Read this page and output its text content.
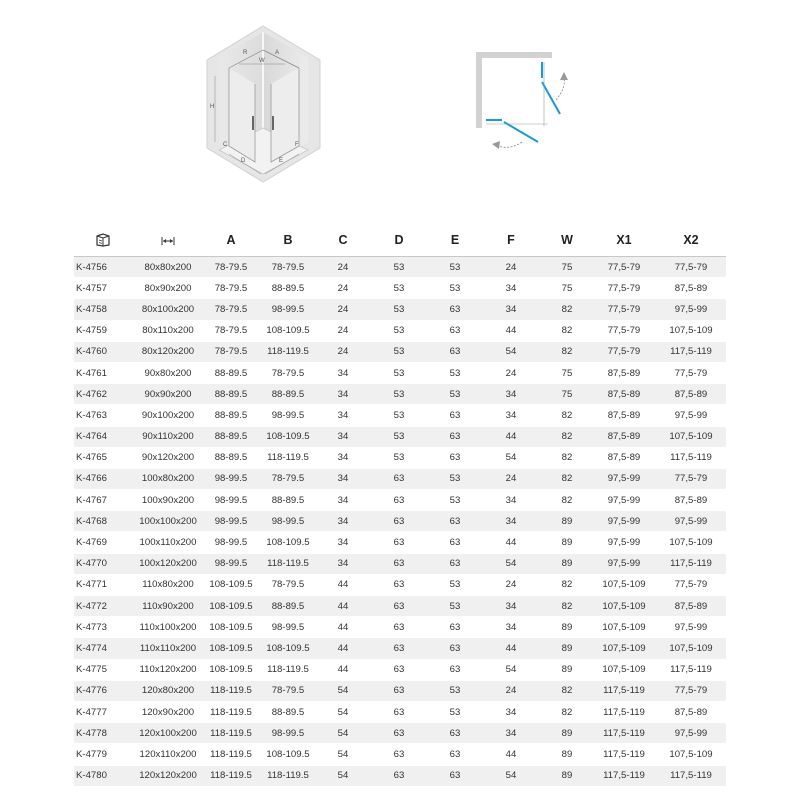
R	A
W
H
C
D	E
F
		A	B	C	D	E	F	W	X1	X2
K-4756	80x80x200	78-79.5	78-79.5	24	53	53	24	75	77,5-79	77,5-79
K-4757	80x90x200	78-79.5	88-89.5	24	53	53	34	75	77,5-79	87,5-89
K-4758	80x100x200	78-79.5	98-99.5	24	53	63	34	82	77,5-79	97,5-99
K-4759	80x110x200	78-79.5	108-109.5	24	53	63	44	82	77,5-79	107,5-109
K-4760	80x120x200	78-79.5	118-119.5	24	53	63	54	82	77,5-79	117,5-119
K-4761	90x80x200	88-89.5	78-79.5	34	53	53	24	75	87,5-89	77,5-79
K-4762	90x90x200	88-89.5	88-89.5	34	53	53	34	75	87,5-89	87,5-89
K-4763	90x100x200	88-89.5	98-99.5	34	53	63	34	82	87,5-89	97,5-99
K-4764	90x110x200	88-89.5	108-109.5	34	53	63	44	82	87,5-89	107,5-109
K-4765	90x120x200	88-89.5	118-119.5	34	53	63	54	82	87,5-89	117,5-119
K-4766	100x80x200	98-99.5	78-79.5	34	63	53	24	82	97,5-99	77,5-79
K-4767	100x90x200	98-99.5	88-89.5	34	63	53	34	82	97,5-99	87,5-89
K-4768	100x100x200	98-99.5	98-99.5	34	63	63	34	89	97,5-99	97,5-99
K-4769	100x110x200	98-99.5	108-109.5	34	63	63	44	89	97,5-99	107,5-109
K-4770	100x120x200	98-99.5	118-119.5	34	63	63	54	89	97,5-99	117,5-119
K-4771	110x80x200	108-109.5	78-79.5	44	63	53	24	82	107,5-109	77,5-79
K-4772	110x90x200	108-109.5	88-89.5	44	63	53	34	82	107,5-109	87,5-89
K-4773	110x100x200	108-109.5	98-99.5	44	63	63	34	89	107,5-109	97,5-99
K-4774	110x110x200	108-109.5	108-109.5	44	63	63	44	89	107,5-109	107,5-109
K-4775	110x120x200	108-109.5	118-119.5	44	63	63	54	89	107,5-109	117,5-119
K-4776	120x80x200	118-119.5	78-79.5	54	63	53	24	82	117,5-119	77,5-79
K-4777	120x90x200	118-119.5	88-89.5	54	63	53	34	82	117,5-119	87,5-89
K-4778	120x100x200	118-119.5	98-99.5	54	63	63	34	89	117,5-119	97,5-99
K-4779	120x110x200	118-119.5	108-109.5	54	63	63	44	89	117,5-119	107,5-109
K-4780	120x120x200	118-119.5	118-119.5	54	63	63	54	89	117,5-119	117,5-119
